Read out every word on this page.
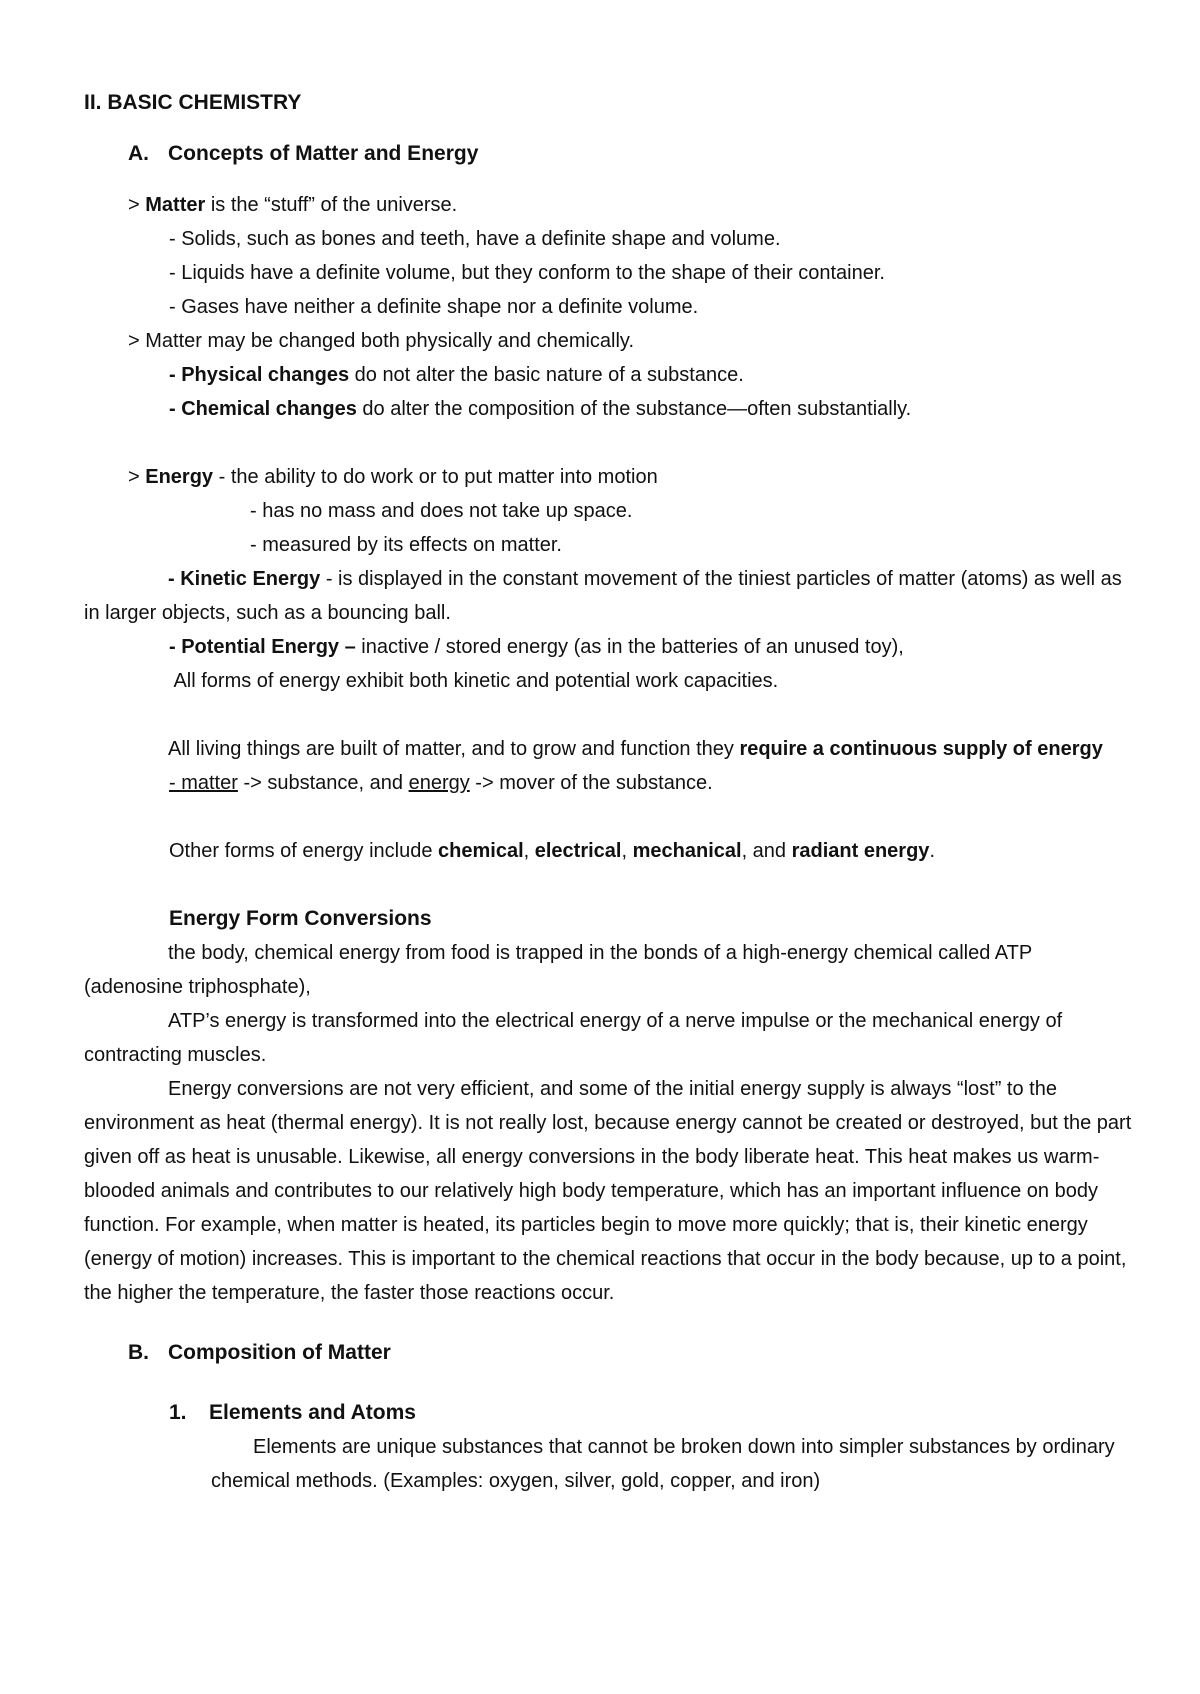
II. BASIC CHEMISTRY
A. Concepts of Matter and Energy
> Matter is the “stuff” of the universe.
- Solids, such as bones and teeth, have a definite shape and volume.
- Liquids have a definite volume, but they conform to the shape of their container.
- Gases have neither a definite shape nor a definite volume.
> Matter may be changed both physically and chemically.
- Physical changes do not alter the basic nature of a substance.
- Chemical changes do alter the composition of the substance—often substantially.
> Energy - the ability to do work or to put matter into motion
- has no mass and does not take up space.
- measured by its effects on matter.
- Kinetic Energy - is displayed in the constant movement of the tiniest particles of matter (atoms) as well as in larger objects, such as a bouncing ball.
- Potential Energy – inactive / stored energy (as in the batteries of an unused toy),
All forms of energy exhibit both kinetic and potential work capacities.
All living things are built of matter, and to grow and function they require a continuous supply of energy
- matter -> substance, and energy -> mover of the substance.
Other forms of energy include chemical, electrical, mechanical, and radiant energy.
Energy Form Conversions
the body, chemical energy from food is trapped in the bonds of a high-energy chemical called ATP (adenosine triphosphate),
ATP’s energy is transformed into the electrical energy of a nerve impulse or the mechanical energy of contracting muscles.
Energy conversions are not very efficient, and some of the initial energy supply is always “lost” to the environment as heat (thermal energy). It is not really lost, because energy cannot be created or destroyed, but the part given off as heat is unusable. Likewise, all energy conversions in the body liberate heat. This heat makes us warm-blooded animals and contributes to our relatively high body temperature, which has an important influence on body function. For example, when matter is heated, its particles begin to move more quickly; that is, their kinetic energy (energy of motion) increases. This is important to the chemical reactions that occur in the body because, up to a point, the higher the temperature, the faster those reactions occur.
B. Composition of Matter
1. Elements and Atoms
Elements are unique substances that cannot be broken down into simpler substances by ordinary chemical methods. (Examples: oxygen, silver, gold, copper, and iron)
